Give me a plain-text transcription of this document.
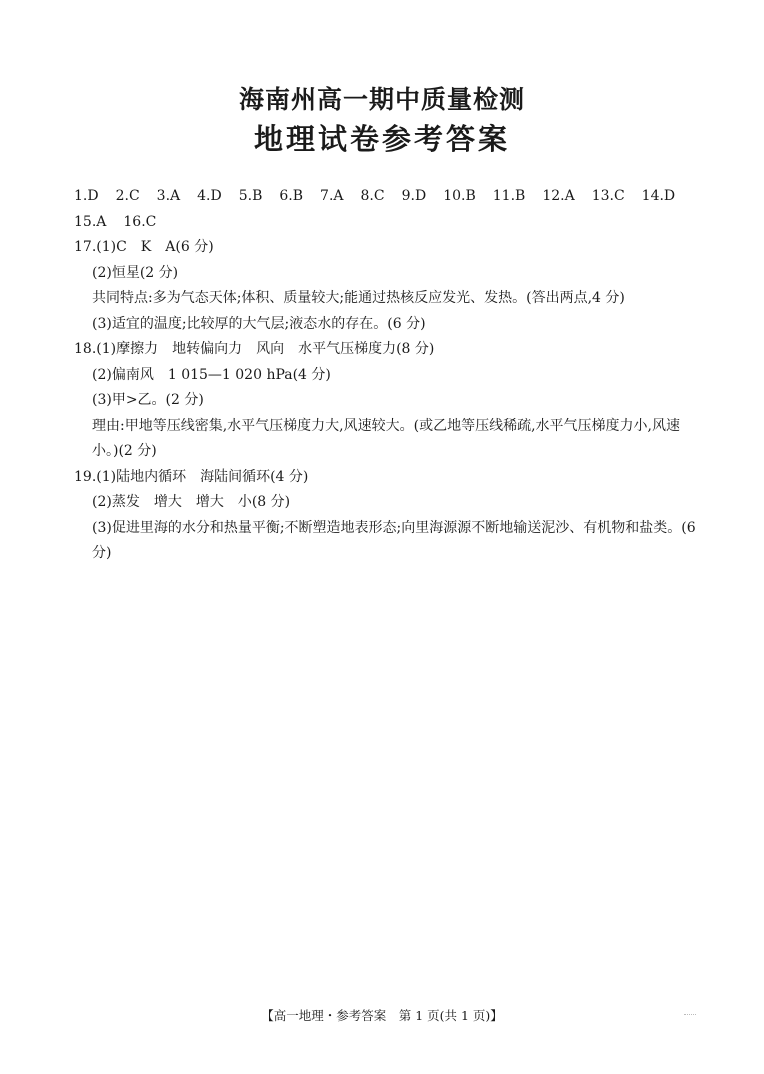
海南州高一期中质量检测
地理试卷参考答案
1.D 2.C 3.A 4.D 5.B 6.B 7.A 8.C 9.D 10.B 11.B 12.A 13.C 14.D
15.A 16.C
17.(1)C　K　A(6 分)
(2)恒星(2 分)
共同特点:多为气态天体;体积、质量较大;能通过热核反应发光、发热。(答出两点,4 分)
(3)适宜的温度;比较厚的大气层;液态水的存在。(6 分)
18.(1)摩擦力　地转偏向力　风向　水平气压梯度力(8 分)
(2)偏南风　1 015—1 020 hPa(4 分)
(3)甲>乙。(2 分)
理由:甲地等压线密集,水平气压梯度力大,风速较大。(或乙地等压线稀疏,水平气压梯度力小,风速小。)(2 分)
19.(1)陆地内循环　海陆间循环(4 分)
(2)蒸发　增大　增大　小(8 分)
(3)促进里海的水分和热量平衡;不断塑造地表形态;向里海源源不断地输送泥沙、有机物和盐类。(6 分)
【高一地理・参考答案　第 1 页(共 1 页)】
